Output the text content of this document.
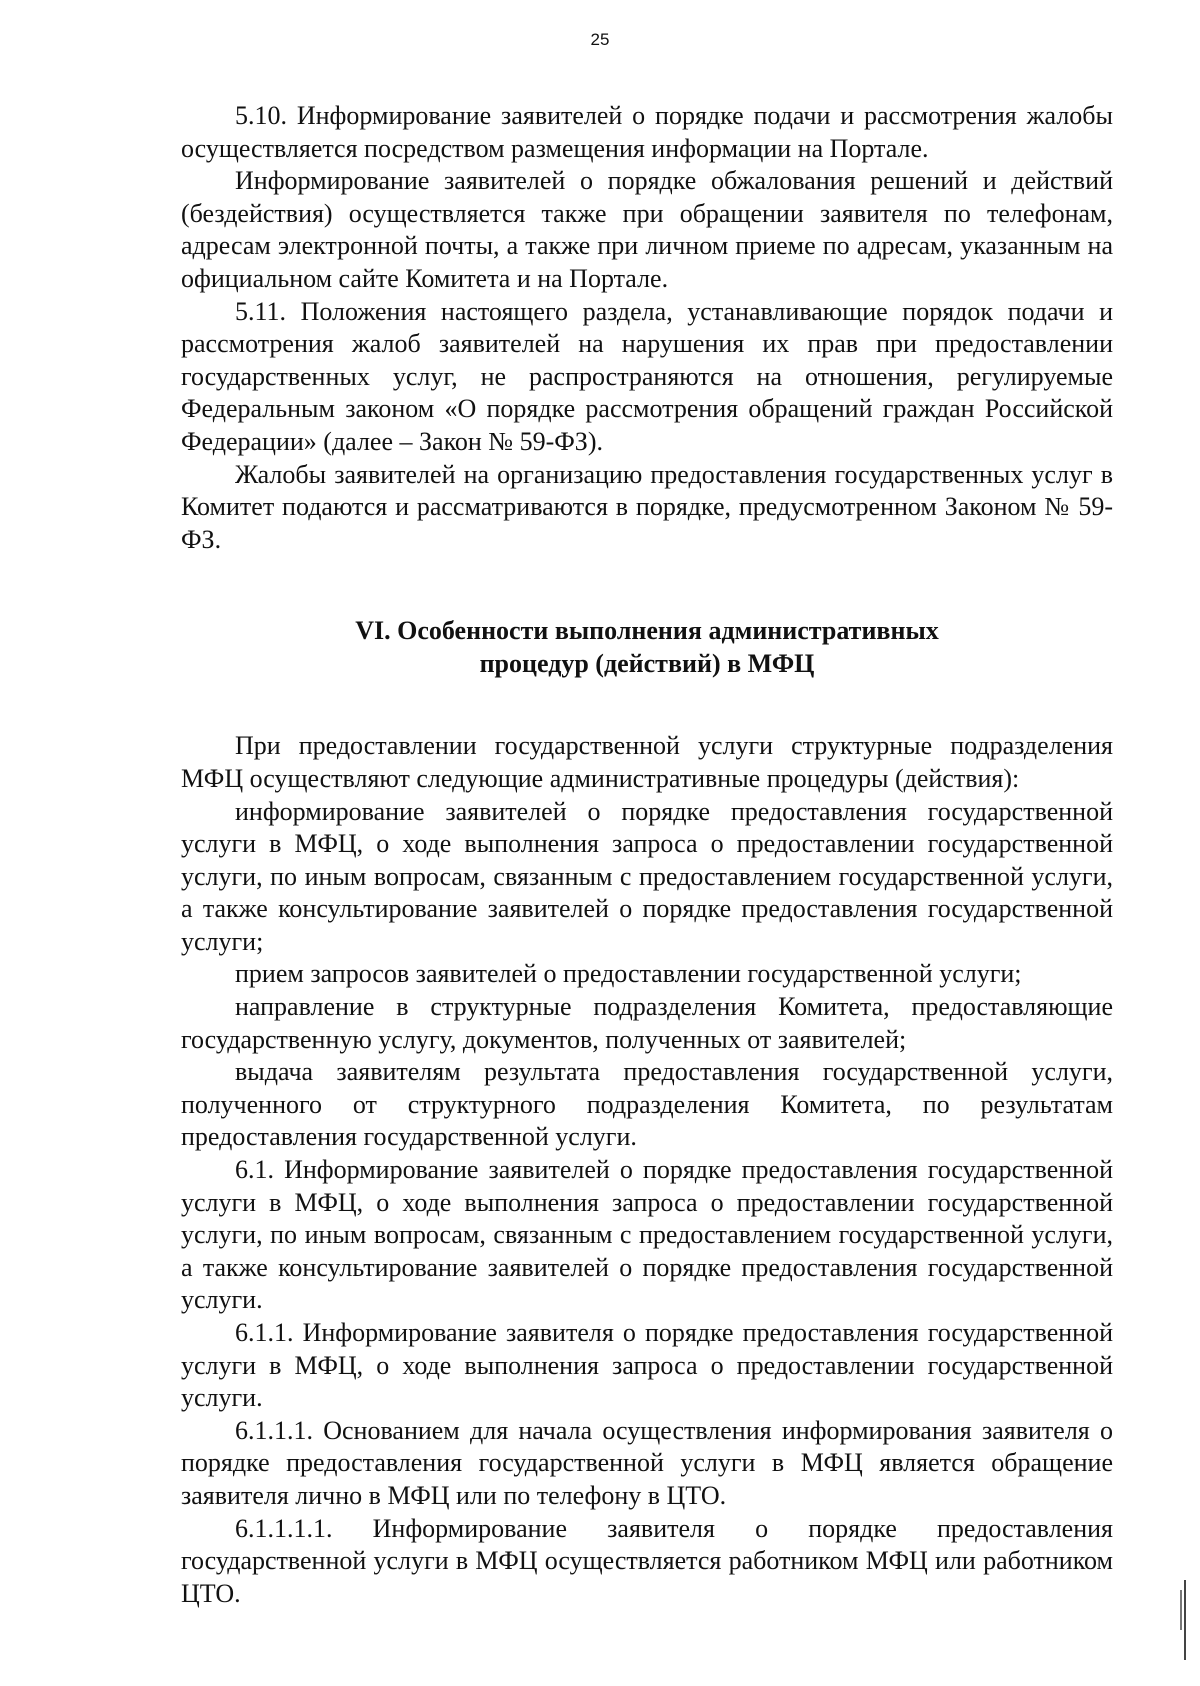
25

5.10. Информирование заявителей о порядке подачи и рассмотрения жалобы осуществляется посредством размещения информации на Портале.

Информирование заявителей о порядке обжалования решений и действий (бездействия) осуществляется также при обращении заявителя по телефонам, адресам электронной почты, а также при личном приеме по адресам, указанным на официальном сайте Комитета и на Портале.

5.11. Положения настоящего раздела, устанавливающие порядок подачи и рассмотрения жалоб заявителей на нарушения их прав при предоставлении государственных услуг, не распространяются на отношения, регулируемые Федеральным законом «О порядке рассмотрения обращений граждан Российской Федерации» (далее – Закон № 59-ФЗ).

Жалобы заявителей на организацию предоставления государственных услуг в Комитет подаются и рассматриваются в порядке, предусмотренном Законом № 59-ФЗ.

VI. Особенности выполнения административных
процедур (действий) в МФЦ

При предоставлении государственной услуги структурные подразделения МФЦ осуществляют следующие административные процедуры (действия):

информирование заявителей о порядке предоставления государственной услуги в МФЦ, о ходе выполнения запроса о предоставлении государственной услуги, по иным вопросам, связанным с предоставлением государственной услуги, а также консультирование заявителей о порядке предоставления государственной услуги;

прием запросов заявителей о предоставлении государственной услуги;

направление в структурные подразделения Комитета, предоставляющие государственную услугу, документов, полученных от заявителей;

выдача заявителям результата предоставления государственной услуги, полученного от структурного подразделения Комитета, по результатам предоставления государственной услуги.

6.1. Информирование заявителей о порядке предоставления государственной услуги в МФЦ, о ходе выполнения запроса о предоставлении государственной услуги, по иным вопросам, связанным с предоставлением государственной услуги, а также консультирование заявителей о порядке предоставления государственной услуги.

6.1.1. Информирование заявителя о порядке предоставления государственной услуги в МФЦ, о ходе выполнения запроса о предоставлении государственной услуги.

6.1.1.1. Основанием для начала осуществления информирования заявителя о порядке предоставления государственной услуги в МФЦ является обращение заявителя лично в МФЦ или по телефону в ЦТО.

6.1.1.1.1. Информирование заявителя о порядке предоставления государственной услуги в МФЦ осуществляется работником МФЦ или работником ЦТО.
